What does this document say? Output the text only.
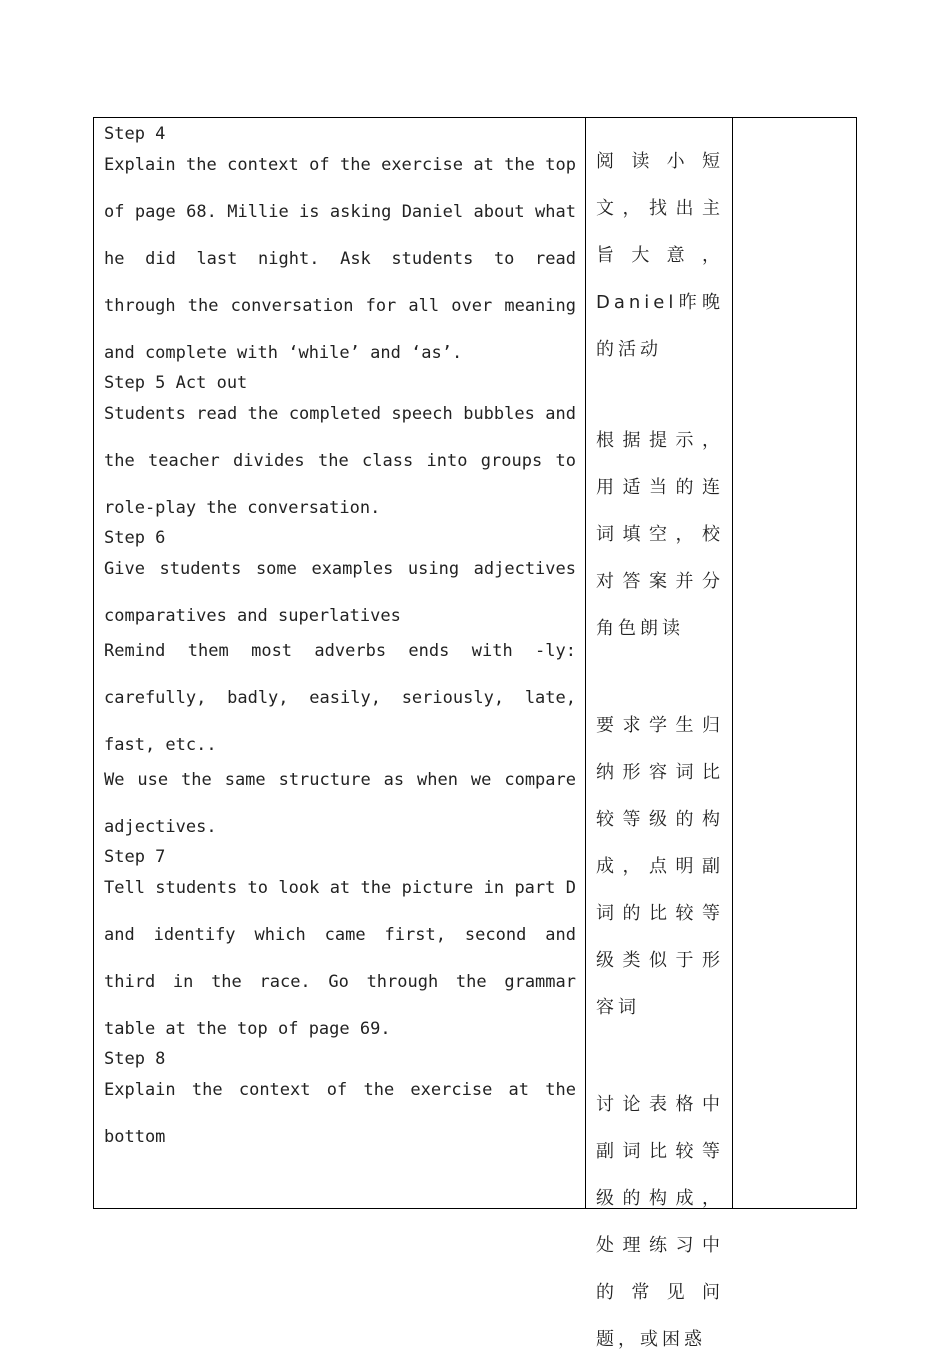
Step 4

Explain the context of the exercise at the top of page 68. Millie is asking Daniel about what he did last night. Ask students to read through the conversation for all over meaning and complete with ‘while’ and ‘as’.

Step 5 Act out

Students read the completed speech bubbles and the teacher divides the class into groups to role-play the conversation.

Step 6

Give students some examples using adjectives comparatives and superlatives

Remind them most adverbs ends with -ly: carefully, badly, easily, seriously, late, fast, etc..

We use the same structure as when we compare adjectives.

Step 7

Tell students to look at the picture in part D and identify which came first, second and third in the race. Go through the grammar table at the top of page 69.

Step 8

Explain the context of the exercise at the bottom

阅读小短文，找出主旨大意，Daniel昨晚的活动

根据提示，用适当的连词填空，校对答案并分角色朗读

要求学生归纳形容词比较等级的构成，点明副词的比较等级类似于形容词

讨论表格中副词比较等级的构成，处理练习中的常见问题，或困惑
